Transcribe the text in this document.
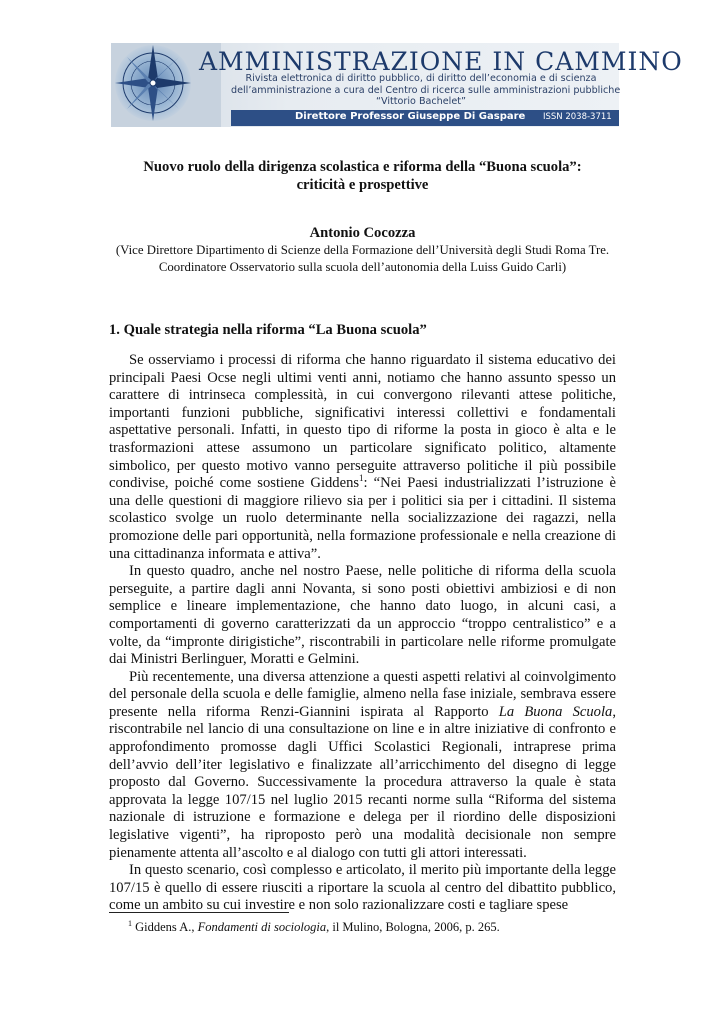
AMMINISTRAZIONE IN CAMMINO
Rivista elettronica di diritto pubblico, di diritto dell’economia e di scienza
dell’amministrazione a cura del Centro di ricerca sulle amministrazioni pubbliche
“Vittorio Bachelet”
Direttore Professor Giuseppe Di Gaspare ISSN 2038-3711
Nuovo ruolo della dirigenza scolastica e riforma della “Buona scuola”:
criticità e prospettive
Antonio Cocozza
(Vice Direttore Dipartimento di Scienze della Formazione dell’Università degli Studi Roma Tre.
Coordinatore Osservatorio sulla scuola dell’autonomia della Luiss Guido Carli)
1. Quale strategia nella riforma “La Buona scuola”

Se osserviamo i processi di riforma che hanno riguardato il sistema educativo dei principali Paesi Ocse negli ultimi venti anni, notiamo che hanno assunto spesso un carattere di intrinseca complessità, in cui convergono rilevanti attese politiche, importanti funzioni pubbliche, significativi interessi collettivi e fondamentali aspettative personali. Infatti, in questo tipo di riforme la posta in gioco è alta e le trasformazioni attese assumono un particolare significato politico, altamente simbolico, per questo motivo vanno perseguite attraverso politiche il più possibile condivise, poiché come sostiene Giddens$^1$: “Nei Paesi industrializzati l’istruzione è una delle questioni di maggiore rilievo sia per i politici sia per i cittadini. Il sistema scolastico svolge un ruolo determinante nella socializzazione dei ragazzi, nella promozione delle pari opportunità, nella formazione professionale e nella creazione di una cittadinanza informata e attiva”.

In questo quadro, anche nel nostro Paese, nelle politiche di riforma della scuola perseguite, a partire dagli anni Novanta, si sono posti obiettivi ambiziosi e di non semplice e lineare implementazione, che hanno dato luogo, in alcuni casi, a comportamenti di governo caratterizzati da un approccio “troppo centralistico” e a volte, da “impronte dirigistiche”, riscontrabili in particolare nelle riforme promulgate dai Ministri Berlinguer, Moratti e Gelmini.

Più recentemente, una diversa attenzione a questi aspetti relativi al coinvolgimento del personale della scuola e delle famiglie, almeno nella fase iniziale, sembrava essere presente nella riforma Renzi-Giannini ispirata al Rapporto La Buona Scuola, riscontrabile nel lancio di una consultazione on line e in altre iniziative di confronto e approfondimento promosse dagli Uffici Scolastici Regionali, intraprese prima dell’avvio dell’iter legislativo e finalizzate all’arricchimento del disegno di legge proposto dal Governo. Successivamente la procedura attraverso la quale è stata approvata la legge 107/15 nel luglio 2015 recanti norme sulla “Riforma del sistema nazionale di istruzione e formazione e delega per il riordino delle disposizioni legislative vigenti”, ha riproposto però una modalità decisionale non sempre pienamente attenta all’ascolto e al dialogo con tutti gli attori interessati.

In questo scenario, così complesso e articolato, il merito più importante della legge 107/15 è quello di essere riusciti a riportare la scuola al centro del dibattito pubblico, come un ambito su cui investire e non solo razionalizzare costi e tagliare spese

$^1$ Giddens A., Fondamenti di sociologia, il Mulino, Bologna, 2006, p. 265.
